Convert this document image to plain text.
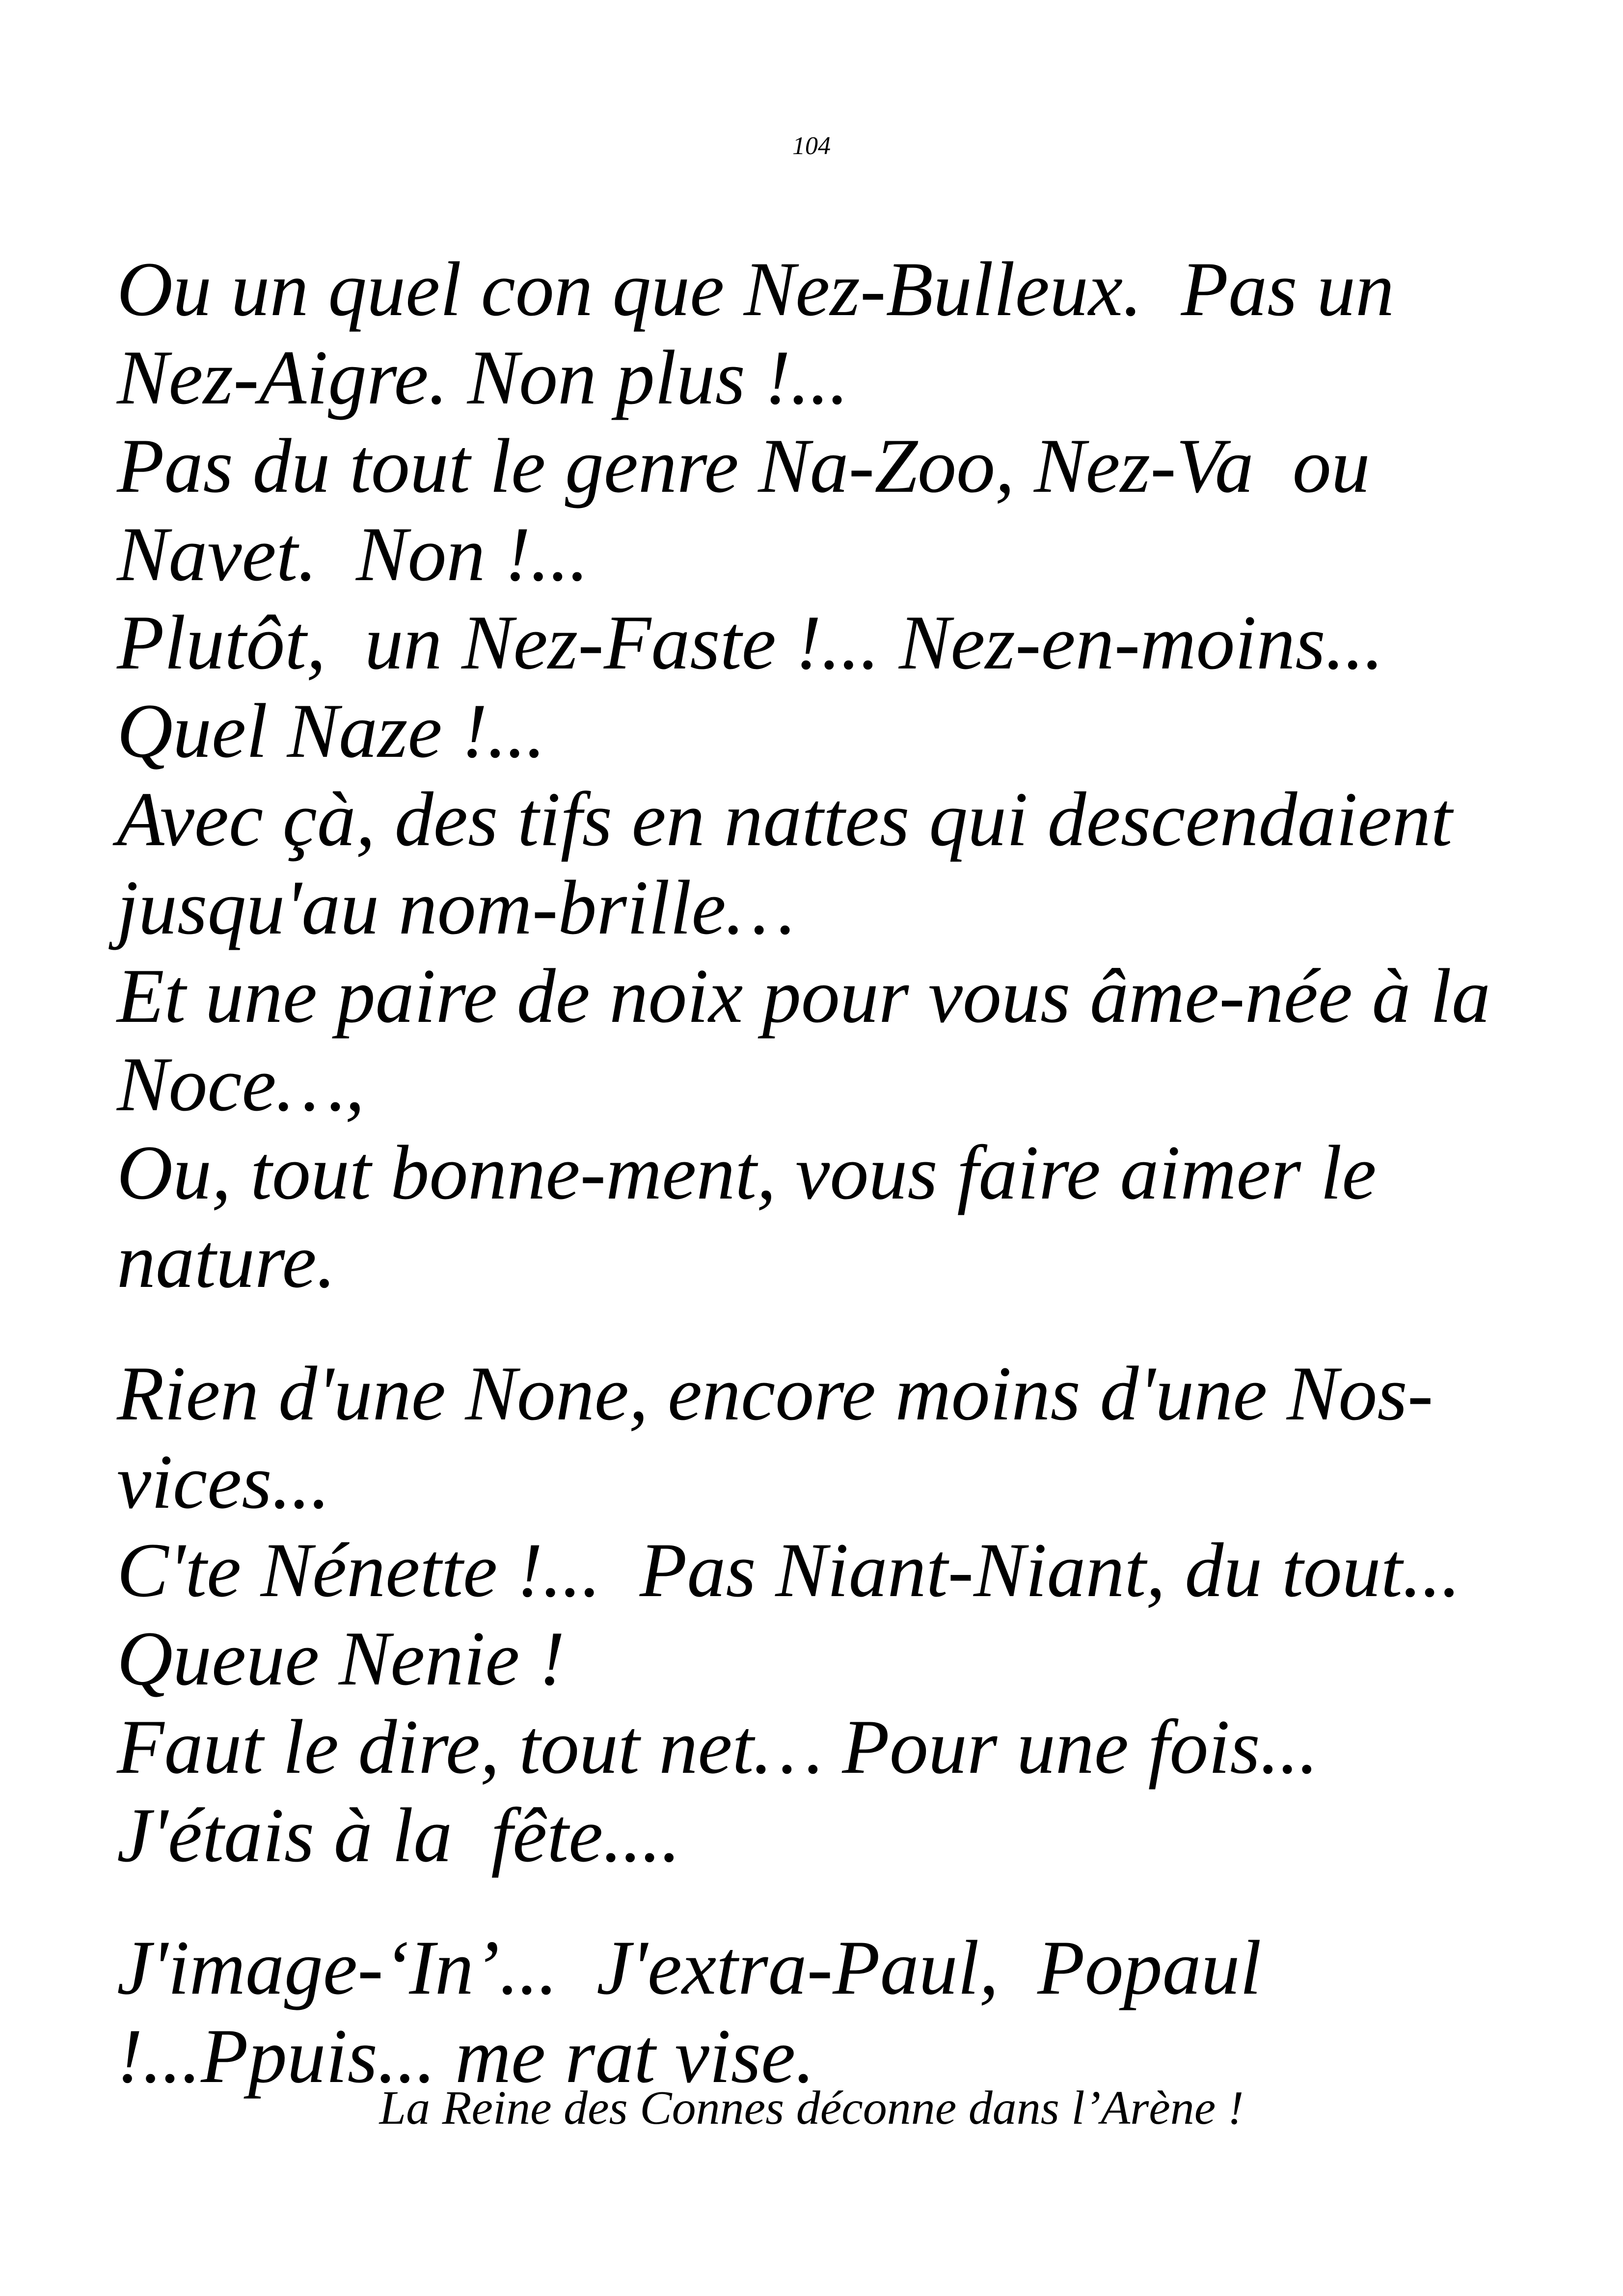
104

Ou un quel con que Nez-Bulleux.  Pas un
Nez-Aigre. Non plus !...
Pas du tout le genre Na-Zoo, Nez-Va  ou
Navet.  Non !...
Plutôt,  un Nez-Faste !... Nez-en-moins...
Quel Naze !...
Avec çà, des tifs en nattes qui descendaient
jusqu'au nom-brille…
Et une paire de noix pour vous âme-née à la
Noce…,
Ou, tout bonne-ment, vous faire aimer le
nature.

Rien d'une None, encore moins d'une Nos-
vices...
C'te Nénette !...  Pas Niant-Niant, du tout...
Queue Nenie !
Faut le dire, tout net… Pour une fois...
J'étais à la  fête....

J'image-‘In’...  J'extra-Paul,  Popaul
!...Ppuis... me rat vise.

La Reine des Connes déconne dans l’Arène !
